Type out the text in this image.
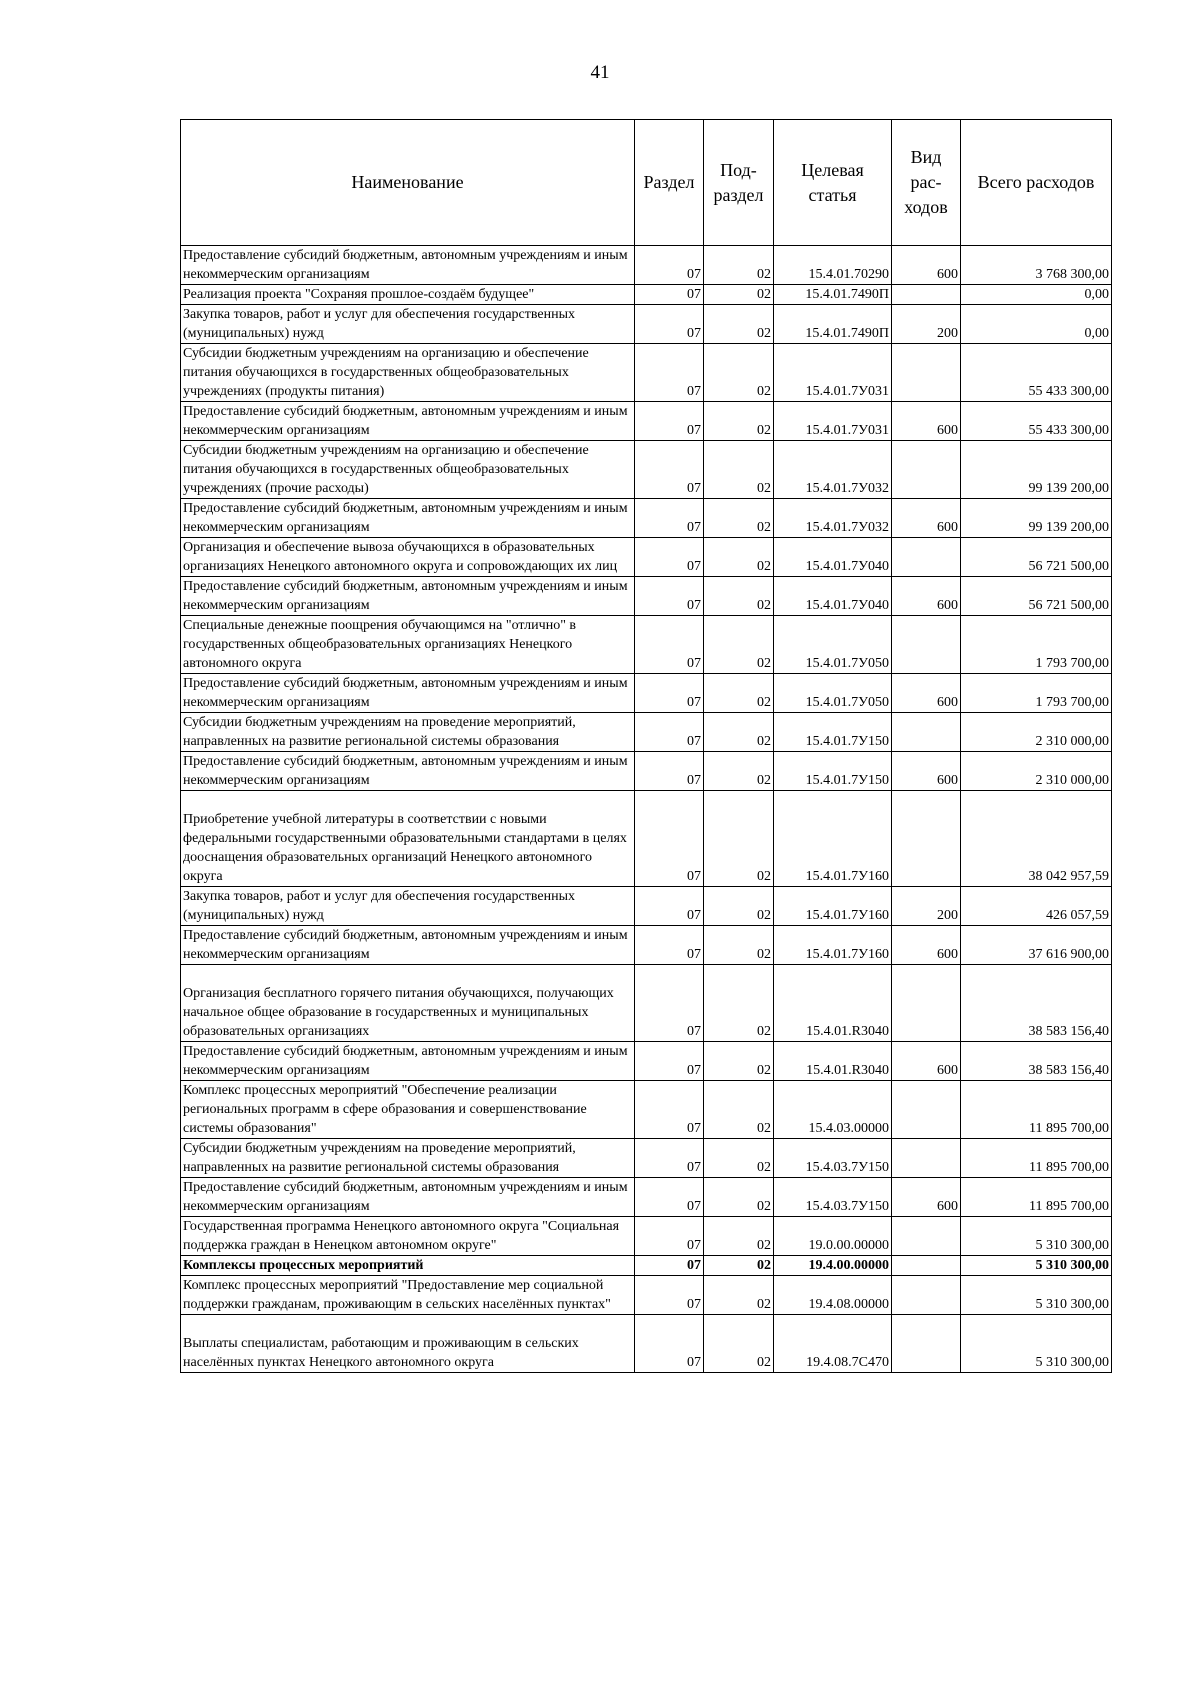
41
Наименование	Раздел	Под-раздел	Целевая статья	Вид рас-ходов	Всего расходов
Предоставление субсидий бюджетным, автономным учреждениям и иным некоммерческим организациям	07	02	15.4.01.70290	600	3 768 300,00
Реализация проекта "Сохраняя прошлое-создаём будущее"	07	02	15.4.01.7490П		0,00
Закупка товаров, работ и услуг для обеспечения государственных (муниципальных) нужд	07	02	15.4.01.7490П	200	0,00
Субсидии бюджетным учреждениям на организацию и обеспечение питания обучающихся в государственных общеобразовательных учреждениях (продукты питания)	07	02	15.4.01.7У031		55 433 300,00
Предоставление субсидий бюджетным, автономным учреждениям и иным некоммерческим организациям	07	02	15.4.01.7У031	600	55 433 300,00
Субсидии бюджетным учреждениям на организацию и обеспечение питания обучающихся в государственных общеобразовательных учреждениях (прочие расходы)	07	02	15.4.01.7У032		99 139 200,00
Предоставление субсидий бюджетным, автономным учреждениям и иным некоммерческим организациям	07	02	15.4.01.7У032	600	99 139 200,00
Организация и обеспечение вывоза обучающихся в образовательных организациях Ненецкого автономного округа и сопровождающих их лиц	07	02	15.4.01.7У040		56 721 500,00
Предоставление субсидий бюджетным, автономным учреждениям и иным некоммерческим организациям	07	02	15.4.01.7У040	600	56 721 500,00
Специальные денежные поощрения обучающимся на "отлично" в государственных общеобразовательных организациях Ненецкого автономного округа	07	02	15.4.01.7У050		1 793 700,00
Предоставление субсидий бюджетным, автономным учреждениям и иным некоммерческим организациям	07	02	15.4.01.7У050	600	1 793 700,00
Субсидии бюджетным учреждениям на проведение мероприятий, направленных на развитие региональной системы образования	07	02	15.4.01.7У150		2 310 000,00
Предоставление субсидий бюджетным, автономным учреждениям и иным некоммерческим организациям	07	02	15.4.01.7У150	600	2 310 000,00
Приобретение учебной литературы в соответствии с новыми федеральными государственными образовательными стандартами в целях дооснащения образовательных организаций Ненецкого автономного округа	07	02	15.4.01.7У160		38 042 957,59
Закупка товаров, работ и услуг для обеспечения государственных (муниципальных) нужд	07	02	15.4.01.7У160	200	426 057,59
Предоставление субсидий бюджетным, автономным учреждениям и иным некоммерческим организациям	07	02	15.4.01.7У160	600	37 616 900,00
Организация бесплатного горячего питания обучающихся, получающих начальное общее образование в государственных и муниципальных образовательных организациях	07	02	15.4.01.R3040		38 583 156,40
Предоставление субсидий бюджетным, автономным учреждениям и иным некоммерческим организациям	07	02	15.4.01.R3040	600	38 583 156,40
Комплекс процессных мероприятий "Обеспечение реализации региональных программ в сфере образования и совершенствование системы образования"	07	02	15.4.03.00000		11 895 700,00
Субсидии бюджетным учреждениям на проведение мероприятий, направленных на развитие региональной системы образования	07	02	15.4.03.7У150		11 895 700,00
Предоставление субсидий бюджетным, автономным учреждениям и иным некоммерческим организациям	07	02	15.4.03.7У150	600	11 895 700,00
Государственная программа Ненецкого автономного округа "Социальная поддержка граждан в Ненецком автономном округе"	07	02	19.0.00.00000		5 310 300,00
Комплексы процессных мероприятий	07	02	19.4.00.00000		5 310 300,00
Комплекс процессных мероприятий "Предоставление мер социальной поддержки гражданам, проживающим в сельских населённых пунктах"	07	02	19.4.08.00000		5 310 300,00
Выплаты специалистам, работающим и проживающим в сельских населённых пунктах Ненецкого автономного округа	07	02	19.4.08.7С470		5 310 300,00
